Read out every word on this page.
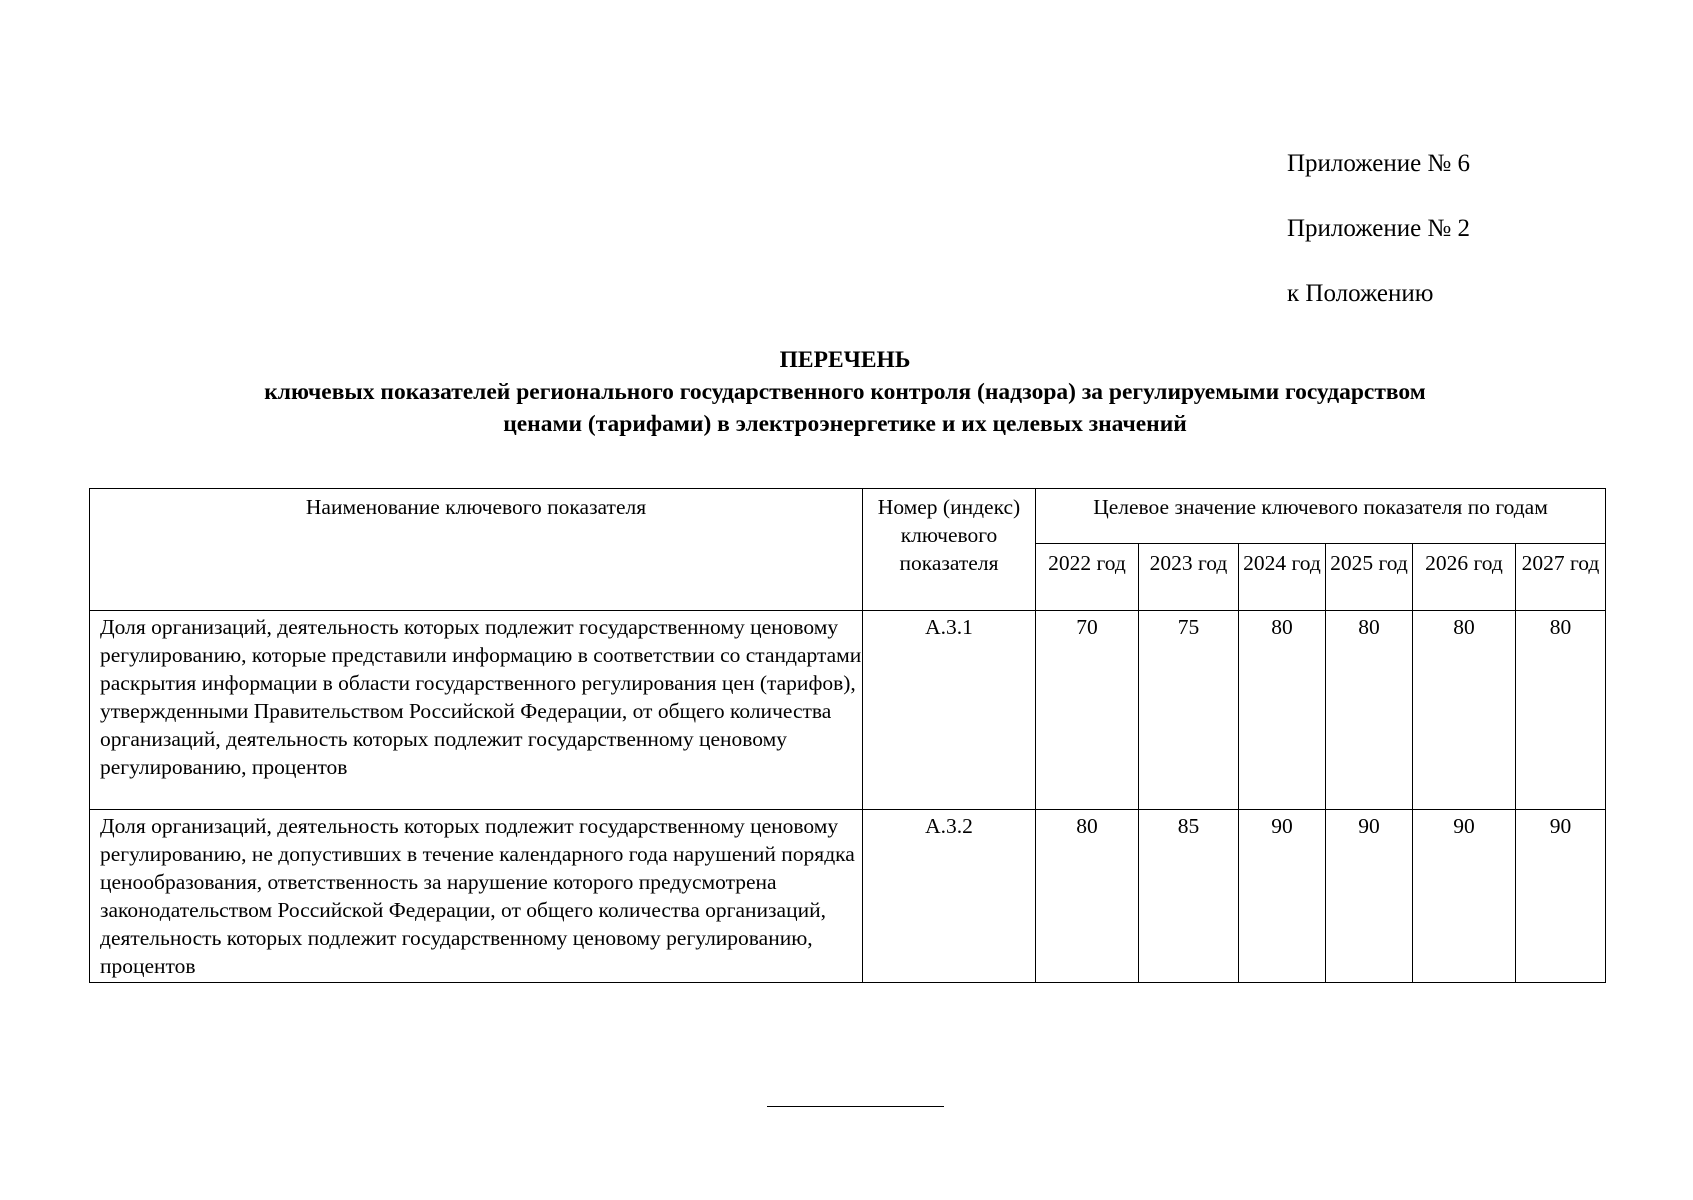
Приложение № 6
Приложение № 2
к Положению
ПЕРЕЧЕНЬ
ключевых показателей регионального государственного контроля (надзора) за регулируемыми государством
ценами (тарифами) в электроэнергетике и их целевых значений
Наименование ключевого показателя	Номер (индекс) ключевого показателя	Целевое значение ключевого показателя по годам					
		2022 год	2023 год	2024 год	2025 год	2026 год	2027 год
Доля организаций, деятельность которых подлежит государственному ценовому регулированию, которые представили информацию в соответствии со стандартами раскрытия информации в области государственного регулирования цен (тарифов), утвержденными Правительством Российской Федерации, от общего количества организаций, деятельность которых подлежит государственному ценовому регулированию, процентов	А.3.1	70	75	80	80	80	80
Доля организаций, деятельность которых подлежит государственному ценовому регулированию, не допустивших в течение календарного года нарушений порядка ценообразования, ответственность за нарушение которого предусмотрена законодательством Российской Федерации, от общего количества организаций, деятельность которых подлежит государственному ценовому регулированию, процентов	А.3.2	80	85	90	90	90	90
